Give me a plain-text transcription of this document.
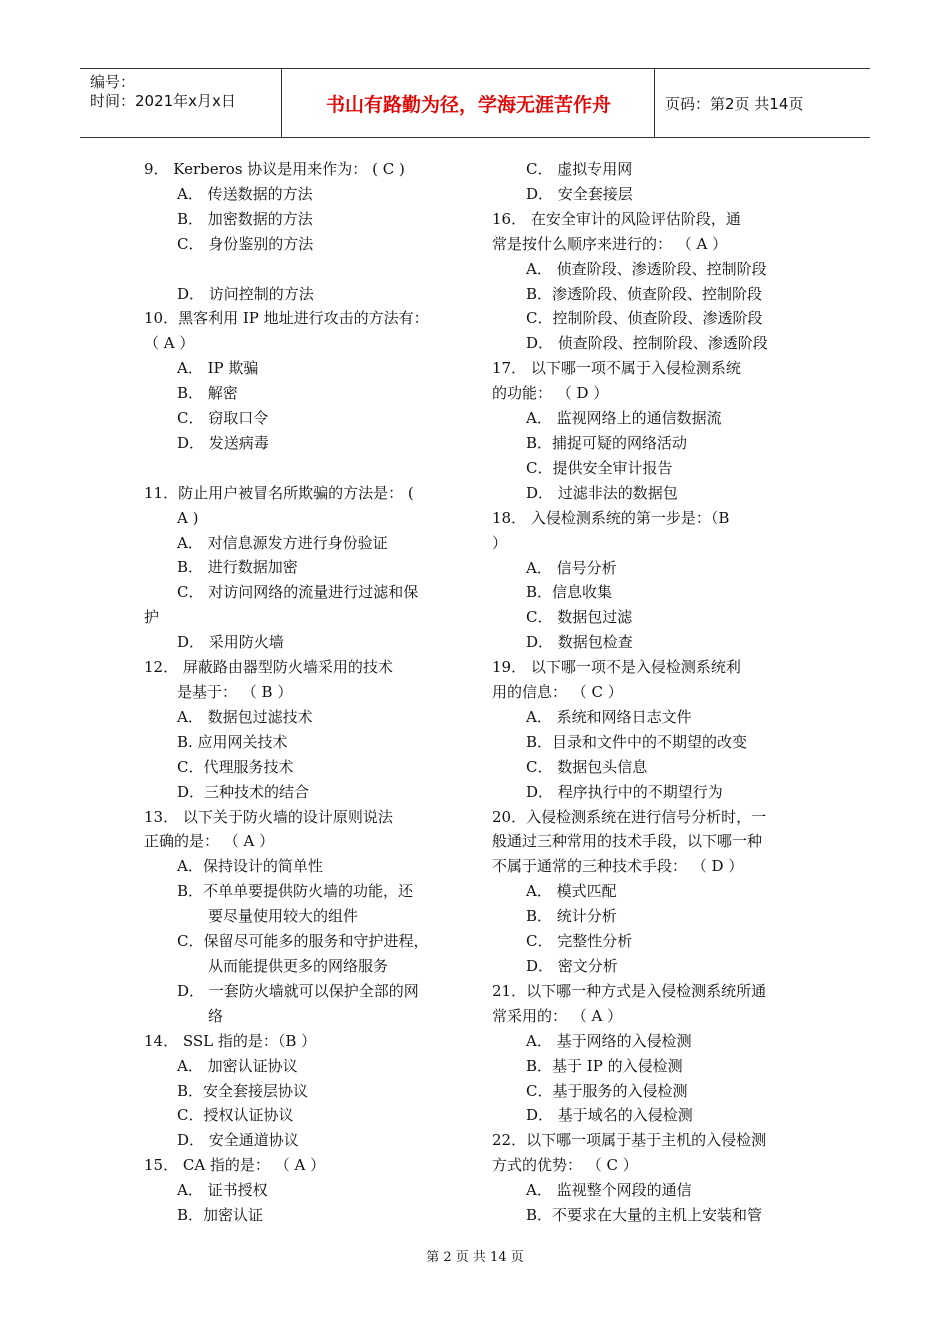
编号：
时间：2021年x月x日	书山有路勤为径，学海无涯苦作舟	页码：第2页 共14页
9． Kerberos 协议是用来作为： ( C )
A． 传送数据的方法
B． 加密数据的方法
C． 身份鉴别的方法
D． 访问控制的方法
10．黑客利用 IP 地址进行攻击的方法有：
（ A ）
A． IP 欺骗
B． 解密
C． 窃取口令
D． 发送病毒
11．防止用户被冒名所欺骗的方法是： (
A )
A． 对信息源发方进行身份验证
B． 进行数据加密
C． 对访问网络的流量进行过滤和保
护
D． 采用防火墙
12． 屏蔽路由器型防火墙采用的技术
是基于： （ B ）
A． 数据包过滤技术
B. 应用网关技术
C．代理服务技术
D．三种技术的结合
13． 以下关于防火墙的设计原则说法
正确的是： （ A ）
A．保持设计的简单性
B．不单单要提供防火墙的功能，还
要尽量使用较大的组件
C．保留尽可能多的服务和守护进程，
从而能提供更多的网络服务
D． 一套防火墙就可以保护全部的网
络
14． SSL 指的是：（B ）
A． 加密认证协议
B．安全套接层协议
C．授权认证协议
D． 安全通道协议
15． CA 指的是： （ A ）
A． 证书授权
B．加密认证
C． 虚拟专用网
D． 安全套接层
16． 在安全审计的风险评估阶段，通
常是按什么顺序来进行的： （ A ）
A． 侦查阶段、渗透阶段、控制阶段
B．渗透阶段、侦查阶段、控制阶段
C．控制阶段、侦查阶段、渗透阶段
D． 侦查阶段、控制阶段、渗透阶段
17． 以下哪一项不属于入侵检测系统
的功能： （ D ）
A． 监视网络上的通信数据流
B．捕捉可疑的网络活动
C．提供安全审计报告
D． 过滤非法的数据包
18． 入侵检测系统的第一步是：（B
）
A． 信号分析
B．信息收集
C． 数据包过滤
D． 数据包检查
19． 以下哪一项不是入侵检测系统利
用的信息： （ C ）
A． 系统和网络日志文件
B．目录和文件中的不期望的改变
C． 数据包头信息
D． 程序执行中的不期望行为
20．入侵检测系统在进行信号分析时，一
般通过三种常用的技术手段，以下哪一种
不属于通常的三种技术手段： （ D ）
A． 模式匹配
B． 统计分析
C． 完整性分析
D． 密文分析
21．以下哪一种方式是入侵检测系统所通
常采用的： （ A ）
A． 基于网络的入侵检测
B．基于 IP 的入侵检测
C．基于服务的入侵检测
D． 基于域名的入侵检测
22．以下哪一项属于基于主机的入侵检测
方式的优势： （ C ）
A． 监视整个网段的通信
B．不要求在大量的主机上安装和管
第 2 页 共 14 页
